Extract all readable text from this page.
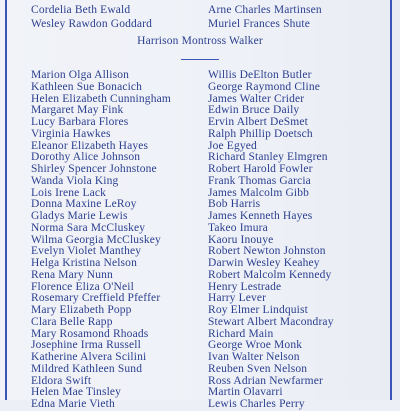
Cordelia Beth Ewald
Wesley Rawdon Goddard
Arne Charles Martinsen
Muriel Frances Shute
Harrison Montross Walker
Marion Olga Allison
Kathleen Sue Bonacich
Helen Elizabeth Cunningham
Margaret May Fink
Lucy Barbara Flores
Virginia Hawkes
Eleanor Elizabeth Hayes
Dorothy Alice Johnson
Shirley Spencer Johnstone
Wanda Viola King
Lois Irene Lack
Donna Maxine LeRoy
Gladys Marie Lewis
Norma Sara McCluskey
Wilma Georgia McCluskey
Evelyn Violet Manthey
Helga Kristina Nelson
Rena Mary Nunn
Florence Eliza O'Neil
Rosemary Creffield Pfeffer
Mary Elizabeth Popp
Clara Belle Rapp
Mary Rosamond Rhoads
Josephine Irma Russell
Katherine Alvera Scilini
Mildred Kathleen Sund
Eldora Swift
Helen Mae Tinsley
Edna Marie Vieth
Willis DeElton Butler
George Raymond Cline
James Walter Crider
Edwin Bruce Daily
Ervin Albert DeSmet
Ralph Phillip Doetsch
Joe Egyed
Richard Stanley Elmgren
Robert Harold Fowler
Frank Thomas Garcia
James Malcolm Gibb
Bob Harris
James Kenneth Hayes
Takeo Imura
Kaoru Inouye
Robert Newton Johnston
Darwin Wesley Keahey
Robert Malcolm Kennedy
Henry Lestrade
Harry Lever
Roy Elmer Lindquist
Stewart Albert Macondray
Richard Main
George Wroe Monk
Ivan Walter Nelson
Reuben Sven Nelson
Ross Adrian Newfarmer
Martin Olavarri
Lewis Charles Perry
